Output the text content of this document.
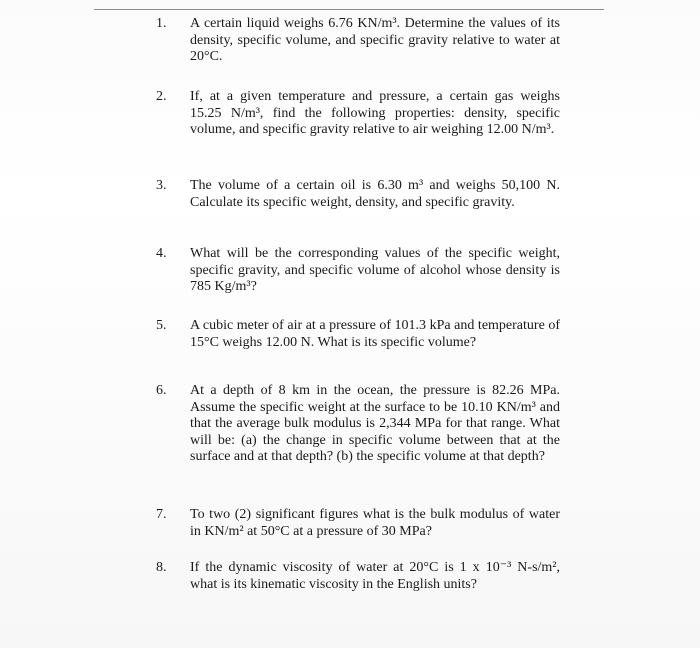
1. A certain liquid weighs 6.76 KN/m³. Determine the values of its density, specific volume, and specific gravity relative to water at 20°C.
2. If, at a given temperature and pressure, a certain gas weighs 15.25 N/m³, find the following properties: density, specific volume, and specific gravity relative to air weighing 12.00 N/m³.
3. The volume of a certain oil is 6.30 m³ and weighs 50,100 N. Calculate its specific weight, density, and specific gravity.
4. What will be the corresponding values of the specific weight, specific gravity, and specific volume of alcohol whose density is 785 Kg/m³?
5. A cubic meter of air at a pressure of 101.3 kPa and temperature of 15°C weighs 12.00 N. What is its specific volume?
6. At a depth of 8 km in the ocean, the pressure is 82.26 MPa. Assume the specific weight at the surface to be 10.10 KN/m³ and that the average bulk modulus is 2,344 MPa for that range. What will be: (a) the change in specific volume between that at the surface and at that depth? (b) the specific volume at that depth?
7. To two (2) significant figures what is the bulk modulus of water in KN/m² at 50°C at a pressure of 30 MPa?
8. If the dynamic viscosity of water at 20°C is 1 x 10⁻³ N-s/m², what is its kinematic viscosity in the English units?
